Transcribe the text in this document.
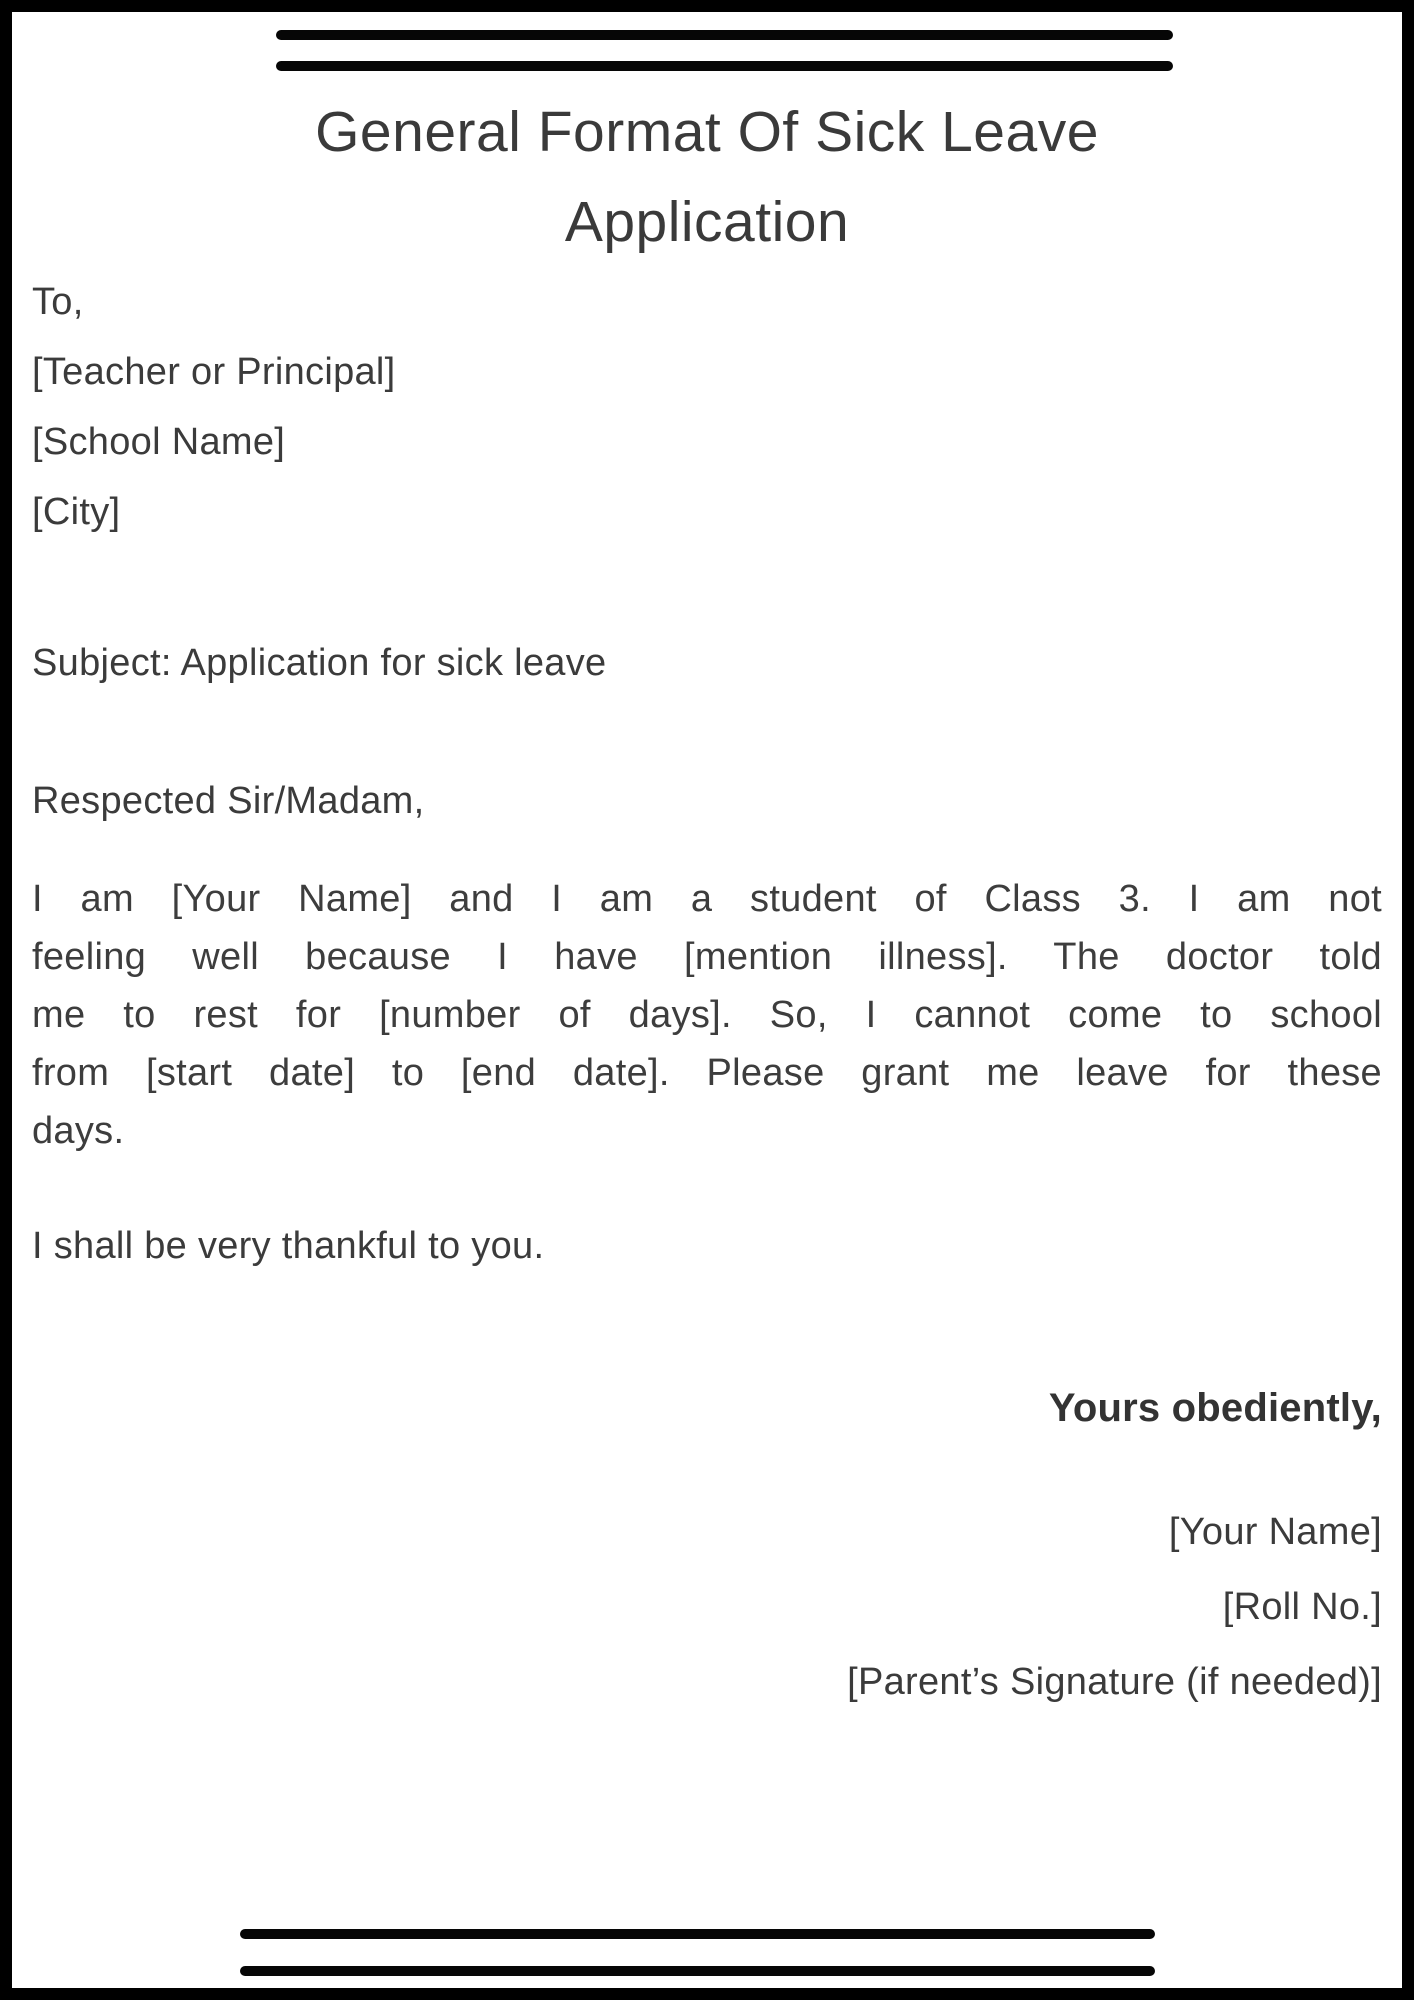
General Format Of Sick Leave
Application
To,
[Teacher or Principal]
[School Name]
[City]
Subject: Application for sick leave
Respected Sir/Madam,
I am [Your Name] and I am a student of Class 3. I am not
feeling well because I have [mention illness]. The doctor told
me to rest for [number of days]. So, I cannot come to school
from [start date] to [end date]. Please grant me leave for these
days.
I shall be very thankful to you.
Yours obediently,
[Your Name]
[Roll No.]
[Parent’s Signature (if needed)]
